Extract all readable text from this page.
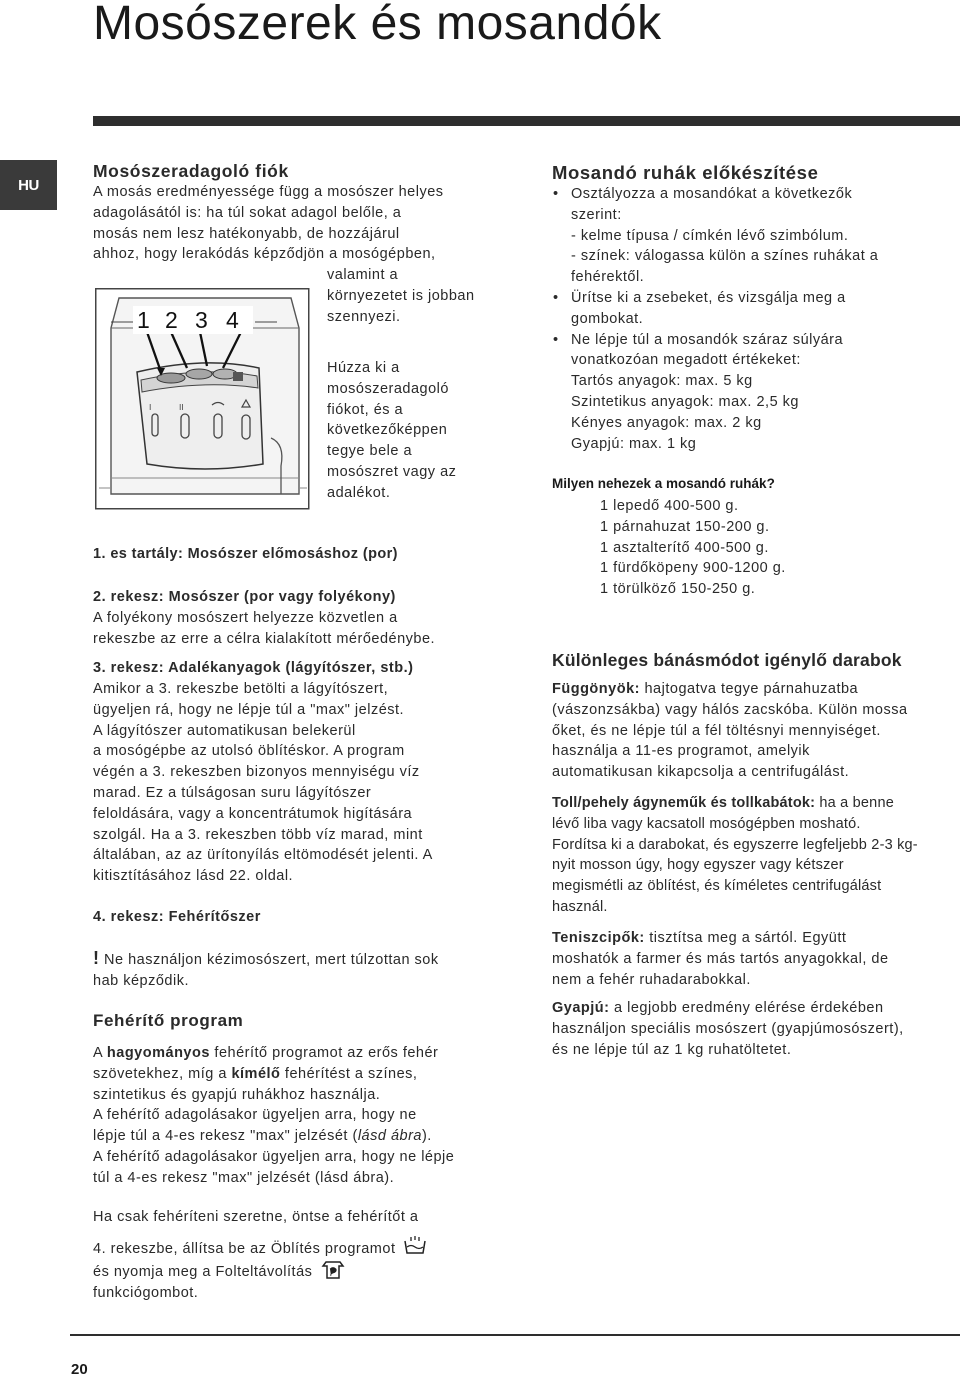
Mosószerek és mosandók
HU
Mosószeradagoló fiók
A mosás eredményessége függ a mosószer helyes
adagolásától is: ha túl sokat adagol belőle, a
mosás nem lesz hatékonyabb, de hozzájárul
ahhoz, hogy lerakódás képződjön a mosógépben,
valamint a
környezetet is jobban
szennyezi.
Húzza ki a
mosószeradagoló
fiókot, és a
következőképpen
tegye bele a
mosószret vagy az
adalékot.
I	II
1 2 3 4
1. es tartály: Mosószer előmosáshoz (por)
2. rekesz: Mosószer (por vagy folyékony)
A folyékony mosószert helyezze közvetlen a
rekeszbe az erre a célra kialakított mérőedénybe.
3. rekesz: Adalékanyagok (lágyítószer, stb.)
Amikor a 3. rekeszbe betölti a lágyítószert,
ügyeljen rá, hogy ne lépje túl a "max" jelzést.
A lágyítószer automatikusan belekerül
a mosógépbe az utolsó öblítéskor. A program
végén a 3. rekeszben bizonyos mennyiségu víz
marad. Ez a túlságosan suru lágyítószer
feloldására, vagy a koncentrátumok higítására
szolgál. Ha a 3. rekeszben több víz marad, mint
általában, az az ürítonyílás eltömodését jelenti. A
kitisztításához lásd 22. oldal.
4. rekesz: Fehérítőszer
! Ne használjon kézimosószert, mert túlzottan sok
hab képződik.
Fehérítő program
A hagyományos fehérítő programot az erős fehér
szövetekhez, míg a kímélő fehérítést a színes,
szintetikus és gyapjú ruhákhoz használja.
A fehérítő adagolásakor ügyeljen arra, hogy ne
lépje túl a 4-es rekesz "max" jelzését (lásd ábra).
A fehérítő adagolásakor ügyeljen arra, hogy ne lépje
túl a 4-es rekesz "max" jelzését (lásd ábra).
Ha csak fehéríteni szeretne, öntse a fehérítőt a
4. rekeszbe, állítsa be az Öblítés programot
és nyomja meg a Folteltávolítás
funkciógombot.
Mosandó ruhák előkészítése
• Osztályozza a mosandókat a következők
szerint:
- kelme típusa / címkén lévő szimbólum.
- színek: válogassa külön a színes ruhákat a
fehérektől.
• Ürítse ki a zsebeket, és vizsgálja meg a
gombokat.
• Ne lépje túl a mosandók száraz súlyára
vonatkozóan megadott értékeket:
Tartós anyagok: max. 5 kg
Szintetikus anyagok: max. 2,5 kg
Kényes anyagok: max. 2 kg
Gyapjú: max. 1 kg
Milyen nehezek a mosandó ruhák?
1 lepedő 400-500 g.
1 párnahuzat 150-200 g.
1 asztalterítő 400-500 g.
1 fürdőköpeny 900-1200 g.
1 törülköző 150-250 g.
Különleges bánásmódot igénylő darabok
Függönyök: hajtogatva tegye párnahuzatba
(vászonzsákba) vagy hálós zacskóba. Külön mossa
őket, és ne lépje túl a fél töltésnyi mennyiséget.
használja a 11-es programot, amelyik
automatikusan kikapcsolja a centrifugálást.
Toll/pehely ágyneműk és tollkabátok: ha a benne
lévő liba vagy kacsatoll mosógépben mosható.
Fordítsa ki a darabokat, és egyszerre legfeljebb 2-3 kg-
nyit mosson úgy, hogy egyszer vagy kétszer
megismétli az öblítést, és kíméletes centrifugálást
használ.
Teniszcipők: tisztítsa meg a sártól. Együtt
moshatók a farmer és más tartós anyagokkal, de
nem a fehér ruhadarabokkal.
Gyapjú: a legjobb eredmény elérése érdekében
használjon speciális mosószert (gyapjúmosószert),
és ne lépje túl az 1 kg ruhatöltetet.
20
